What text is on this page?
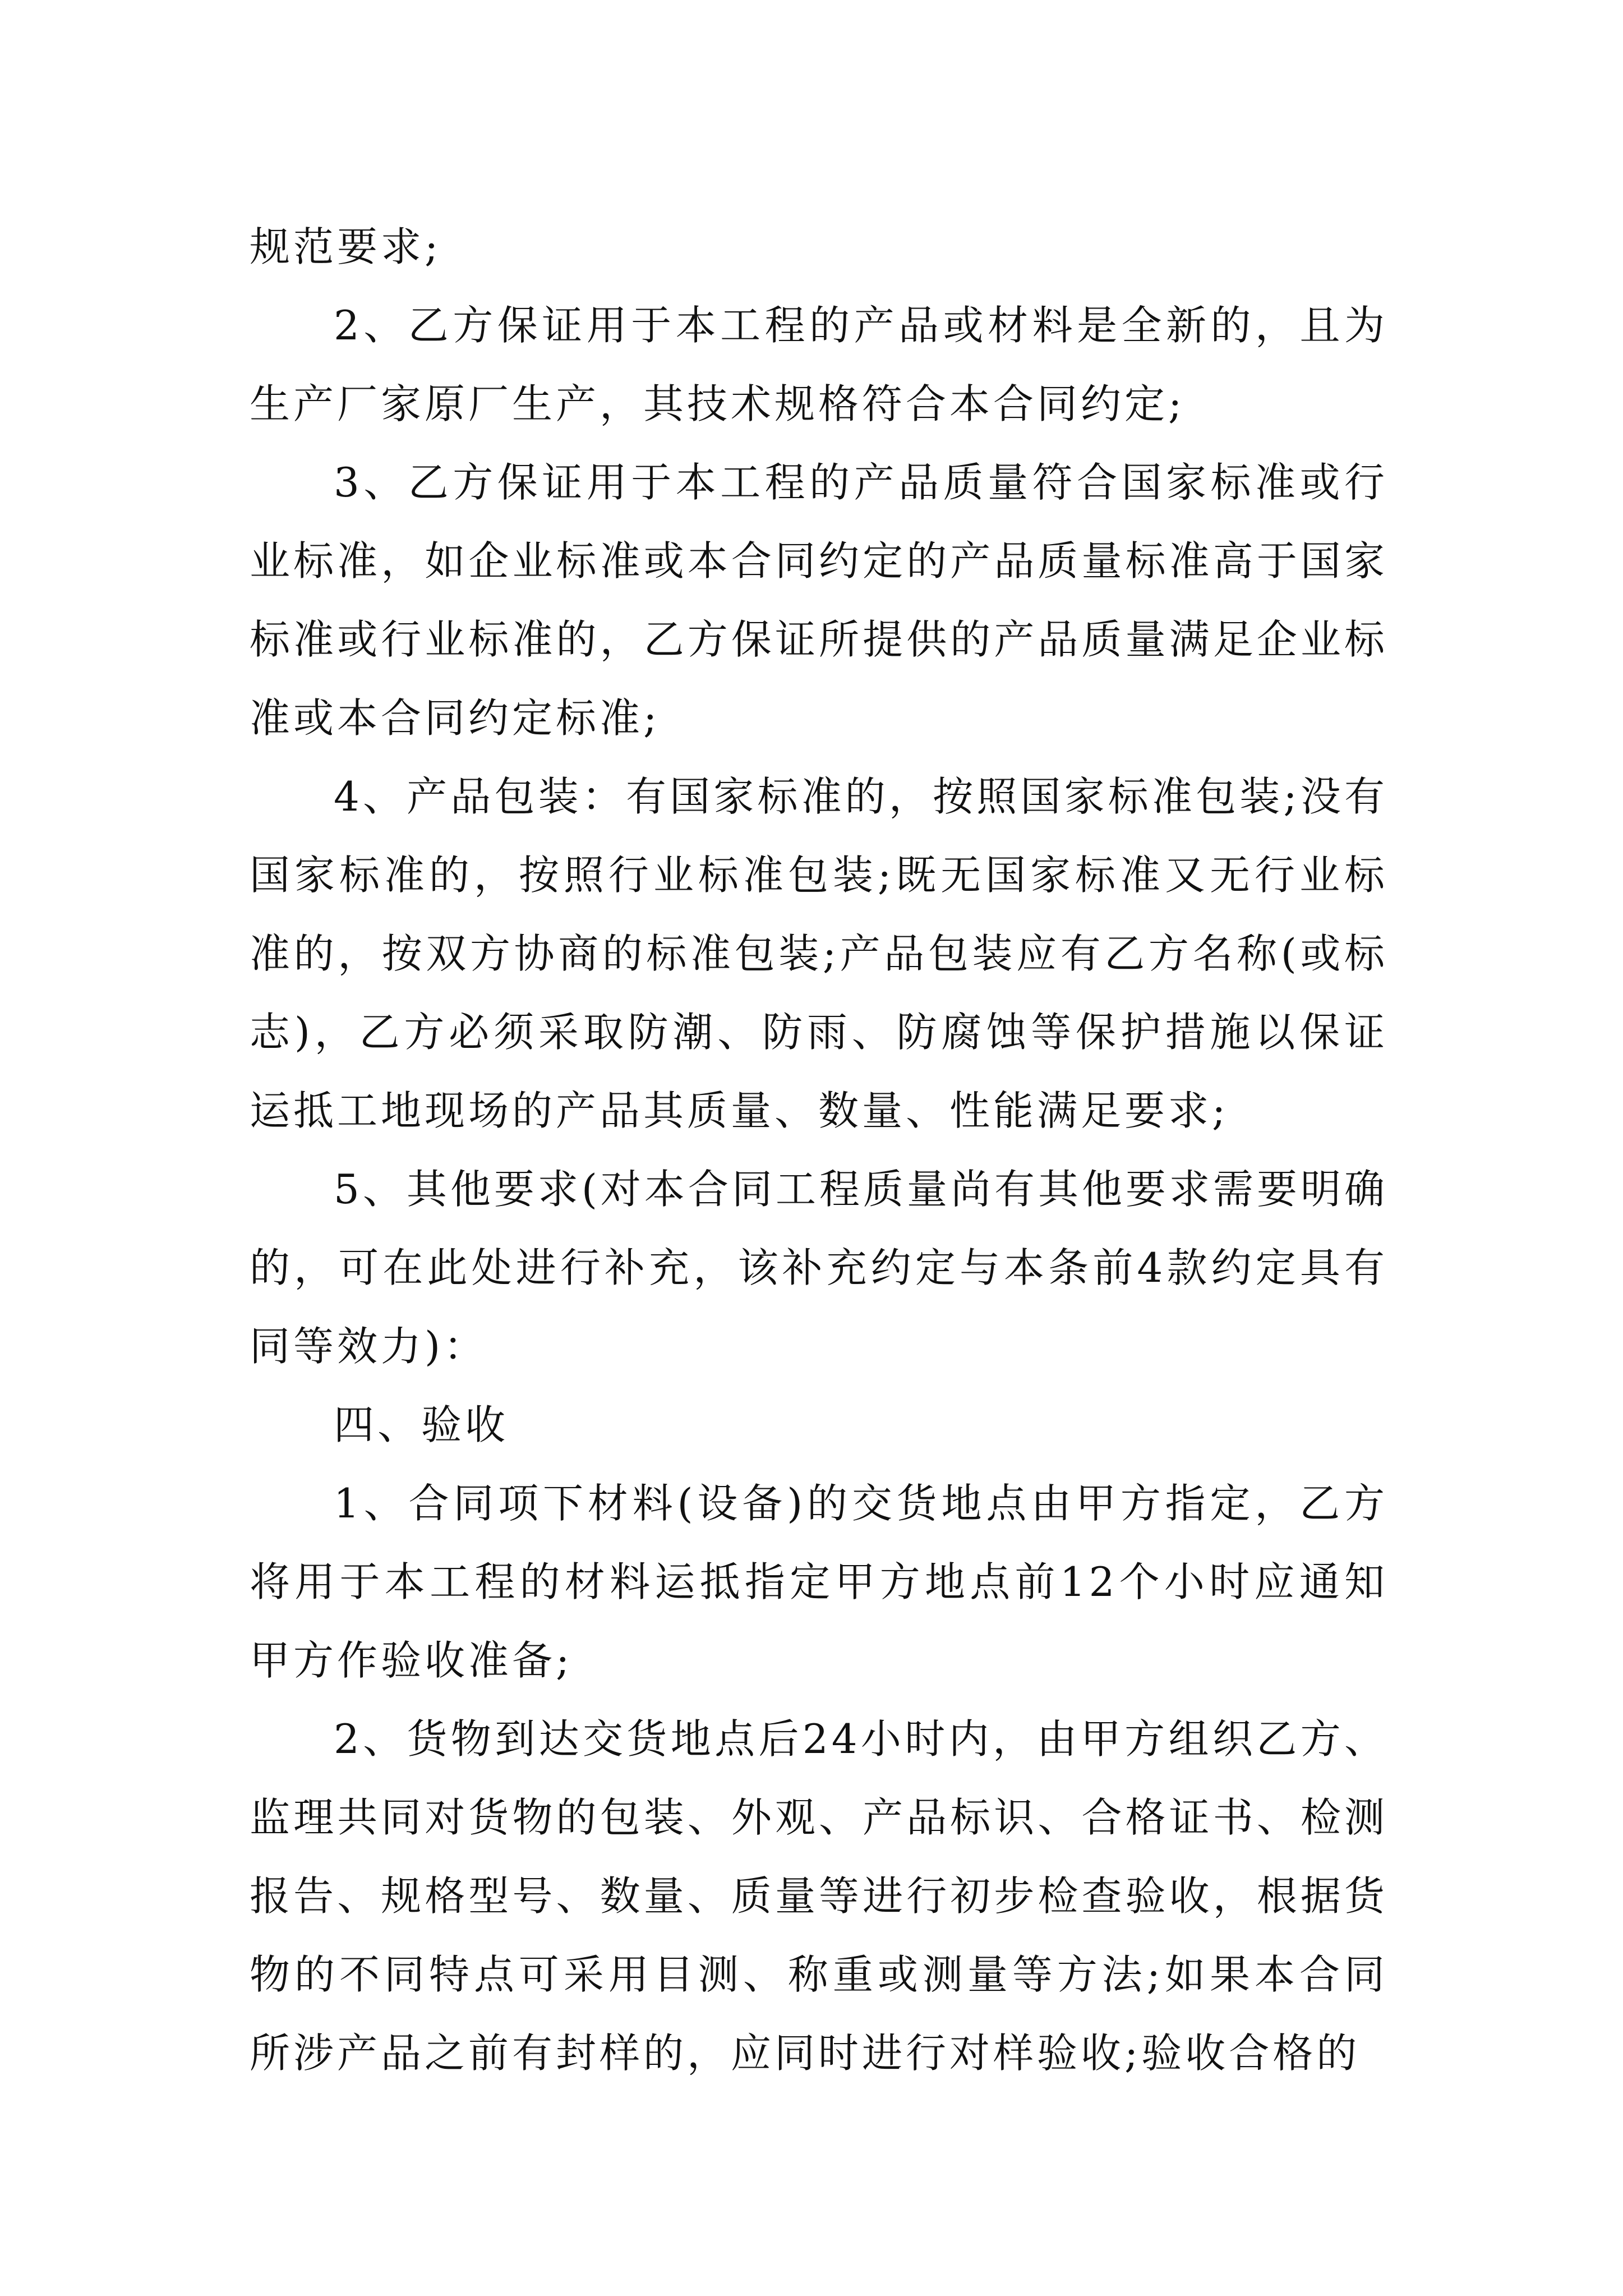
规范要求;

2、乙方保证用于本工程的产品或材料是全新的，且为生产厂家原厂生产，其技术规格符合本合同约定;

3、乙方保证用于本工程的产品质量符合国家标准或行业标准，如企业标准或本合同约定的产品质量标准高于国家标准或行业标准的，乙方保证所提供的产品质量满足企业标准或本合同约定标准;

4、产品包装：有国家标准的，按照国家标准包装;没有国家标准的，按照行业标准包装;既无国家标准又无行业标准的，按双方协商的标准包装;产品包装应有乙方名称(或标志)，乙方必须采取防潮、防雨、防腐蚀等保护措施以保证运抵工地现场的产品其质量、数量、性能满足要求;

5、其他要求(对本合同工程质量尚有其他要求需要明确的，可在此处进行补充，该补充约定与本条前4款约定具有同等效力)：

四、验收

1、合同项下材料(设备)的交货地点由甲方指定，乙方将用于本工程的材料运抵指定甲方地点前12个小时应通知甲方作验收准备;

2、货物到达交货地点后24小时内，由甲方组织乙方、监理共同对货物的包装、外观、产品标识、合格证书、检测报告、规格型号、数量、质量等进行初步检查验收，根据货物的不同特点可采用目测、称重或测量等方法;如果本合同所涉产品之前有封样的，应同时进行对样验收;验收合格的
